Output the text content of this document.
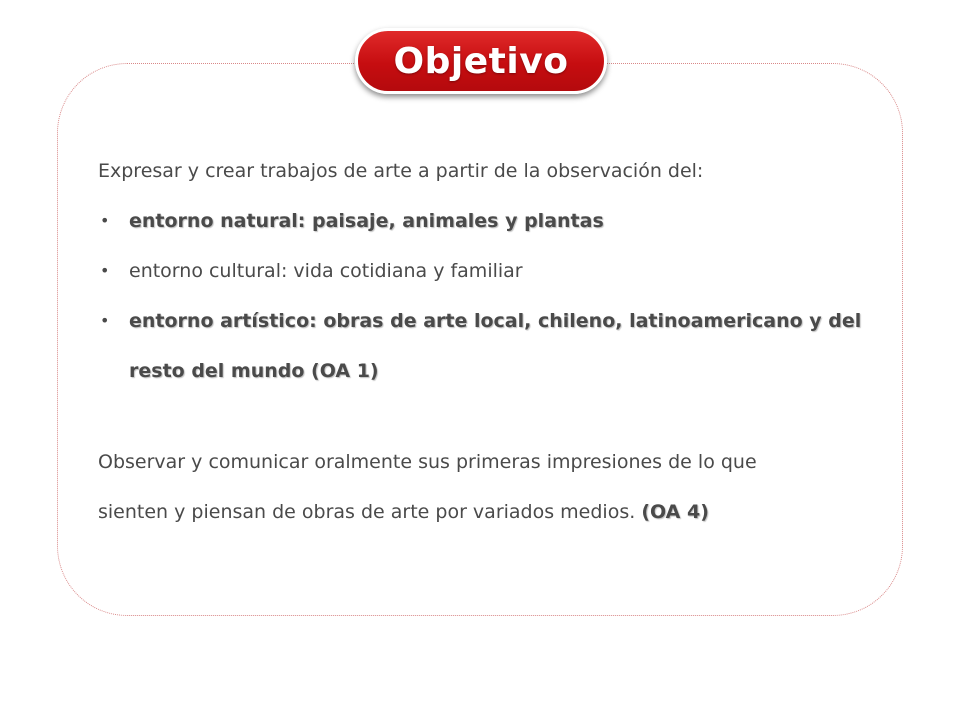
Objetivo

Expresar y crear trabajos de arte a partir de la observación del:

• entorno natural: paisaje, animales y plantas
• entorno cultural: vida cotidiana y familiar
• entorno artístico: obras de arte local, chileno, latinoamericano y del
resto del mundo (OA 1)

Observar y comunicar oralmente sus primeras impresiones de lo que
sienten y piensan de obras de arte por variados medios. (OA 4)
